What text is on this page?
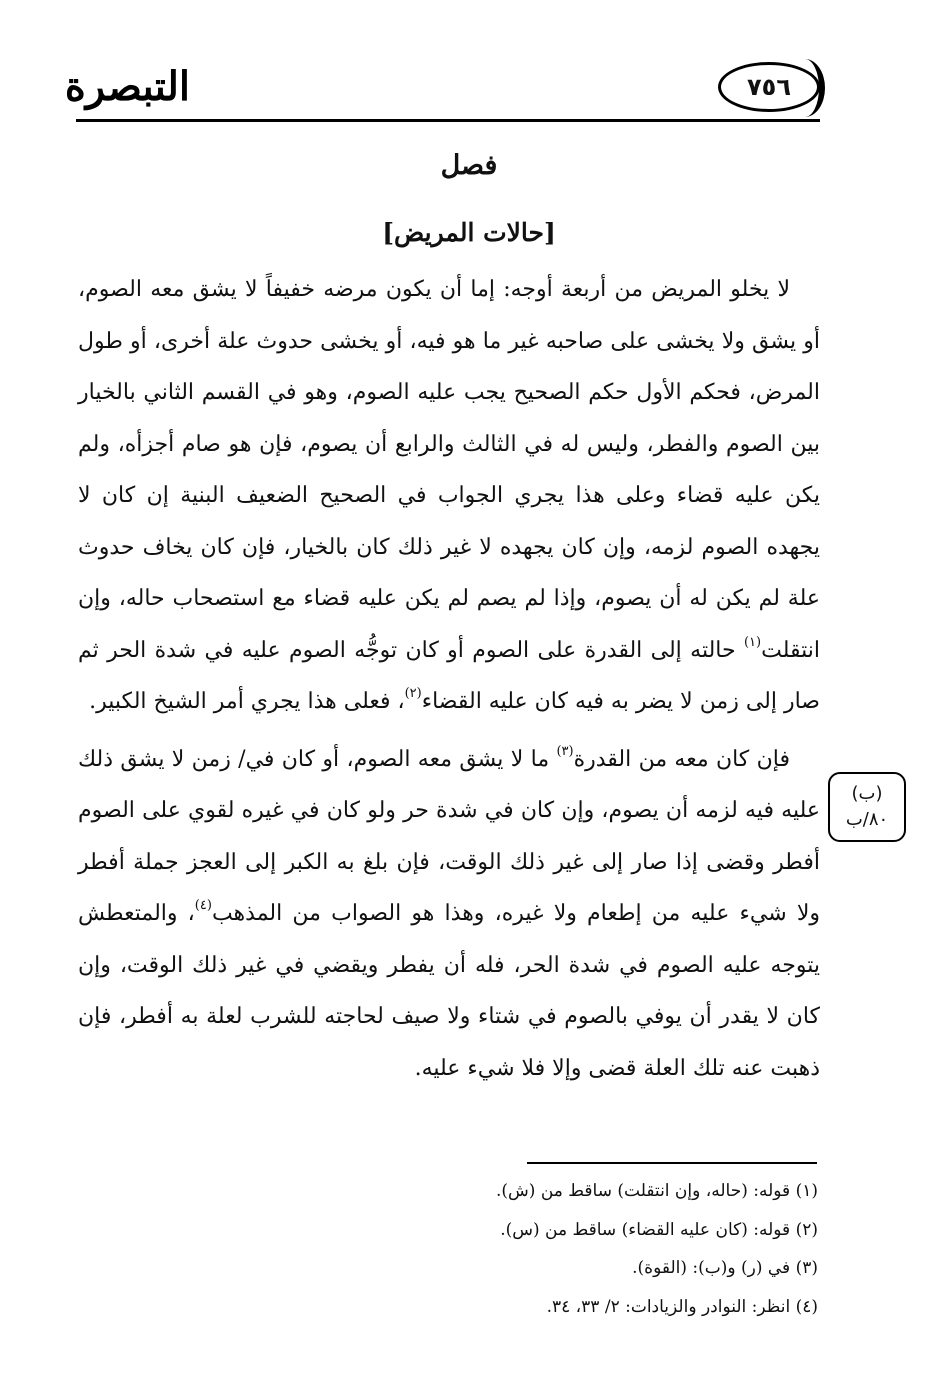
التبصرة	٧٥٦
فصل
[حالات المريض]

لا يخلو المريض من أربعة أوجه: إما أن يكون مرضه خفيفاً لا يشق معه الصوم، أو يشق ولا يخشى على صاحبه غير ما هو فيه، أو يخشى حدوث علة أخرى، أو طول المرض، فحكم الأول حكم الصحيح يجب عليه الصوم، وهو في القسم الثاني بالخيار بين الصوم والفطر، وليس له في الثالث والرابع أن يصوم، فإن هو صام أجزأه، ولم يكن عليه قضاء وعلى هذا يجري الجواب في الصحيح الضعيف البنية إن كان لا يجهده الصوم لزمه، وإن كان يجهده لا غير ذلك كان بالخيار، فإن كان يخاف حدوث علة لم يكن له أن يصوم، وإذا لم يصم لم يكن عليه قضاء مع استصحاب حاله، وإن انتقلت$^{(١)}$ حالته إلى القدرة على الصوم أو كان توجُّه الصوم عليه في شدة الحر ثم صار إلى زمن لا يضر به فيه كان عليه القضاء$^{(٢)}$، فعلى هذا يجري أمر الشيخ الكبير.

فإن كان معه من القدرة$^{(٣)}$ ما لا يشق معه الصوم، أو كان في/ زمن لا يشق ذلك عليه فيه لزمه أن يصوم، وإن كان في شدة حر ولو كان في غيره لقوي على الصوم أفطر وقضى إذا صار إلى غير ذلك الوقت، فإن بلغ به الكبر إلى العجز جملة أفطر ولا شيء عليه من إطعام ولا غيره، وهذا هو الصواب من المذهب$^{(٤)}$، والمتعطش يتوجه عليه الصوم في شدة الحر، فله أن يفطر ويقضي في غير ذلك الوقت، وإن كان لا يقدر أن يوفي بالصوم في شتاء ولا صيف لحاجته للشرب لعلة به أفطر، فإن ذهبت عنه تلك العلة قضى وإلا فلا شيء عليه.

(ب)
٨٠/ب
(١) قوله: (حاله، وإن انتقلت) ساقط من (ش).
(٢) قوله: (كان عليه القضاء) ساقط من (س).
(٣) في (ر) و(ب): (القوة).
(٤) انظر: النوادر والزيادات: ٢/ ٣٣، ٣٤.
